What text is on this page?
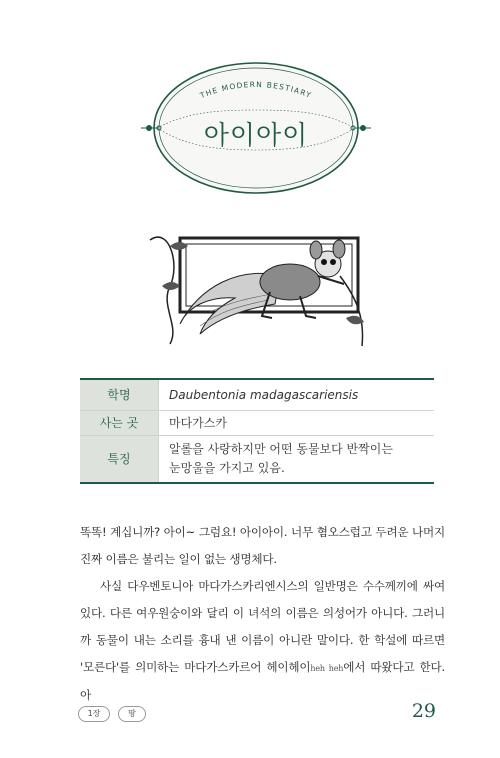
THE MODERN BESTIARY
아이아이
학명	Daubentonia madagascariensis
사는 곳	마다가스카
특징	알롤을 사랑하지만 어떤 동물보다 반짝이는
눈망울을 가지고 있음.

똑똑! 계십니까? 아이~ 그럼요! 아이아이. 너무 혐오스럽고 두려운 나머지 진짜 이름은 불리는 일이 없는 생명체다.

사실 다우벤토니아 마다가스카리엔시스의 일반명은 수수께끼에 싸여 있다. 다른 여우원숭이와 달리 이 녀석의 이름은 의성어가 아니다. 그러니까 동물이 내는 소리를 흉내 낸 이름이 아니란 말이다. 한 학설에 따르면 '모른다'를 의미하는 마다가스카르어 헤이헤이heh heh에서 따왔다고 한다. 아

1장	땅	29
